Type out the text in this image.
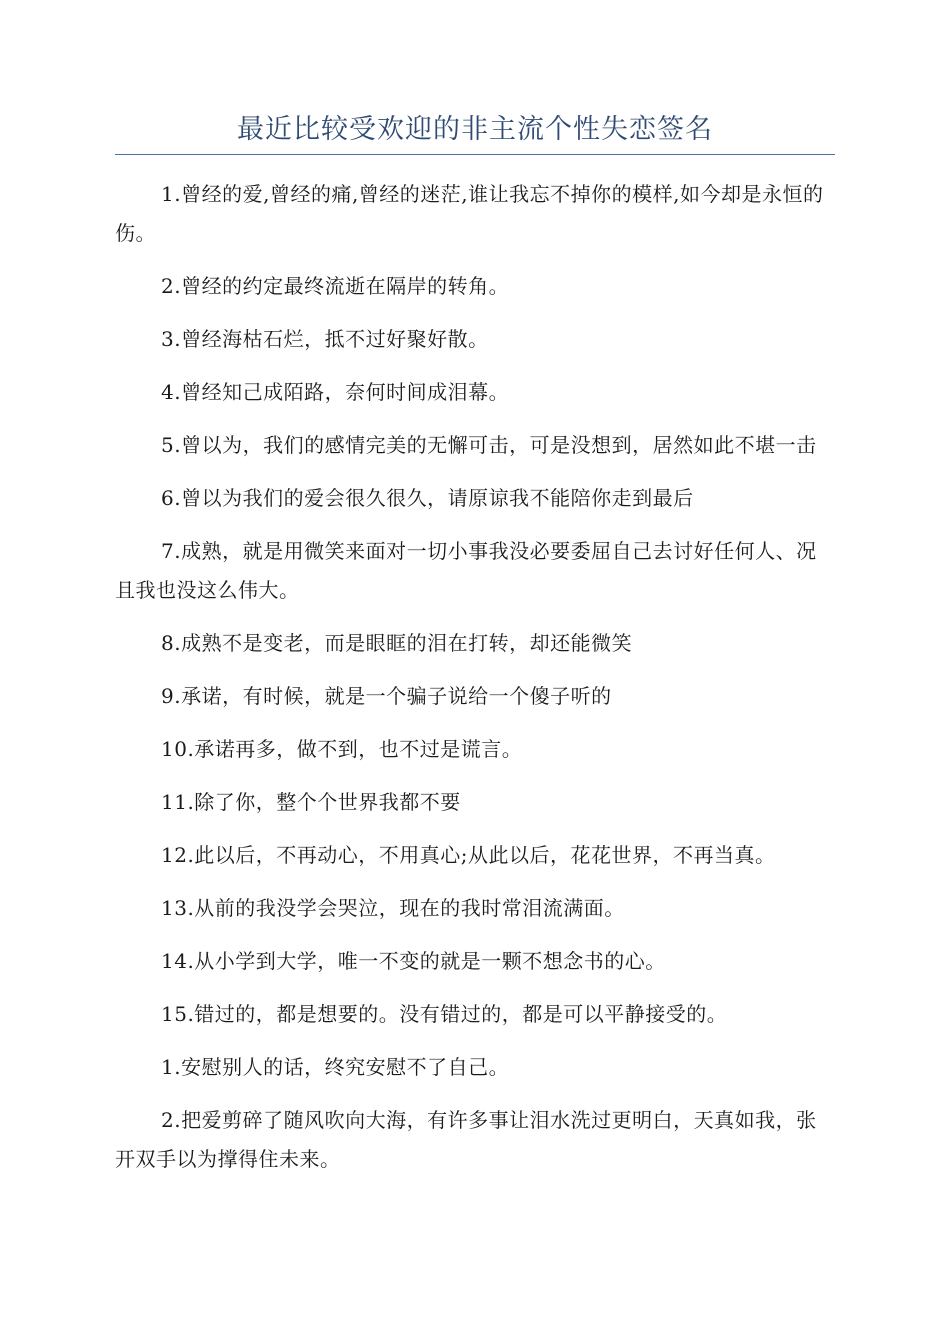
最近比较受欢迎的非主流个性失恋签名

1.曾经的爱,曾经的痛,曾经的迷茫,谁让我忘不掉你的模样,如今却是永恒的伤。

2.曾经的约定最终流逝在隔岸的转角。

3.曾经海枯石烂，抵不过好聚好散。

4.曾经知己成陌路，奈何时间成泪幕。

5.曾以为，我们的感情完美的无懈可击，可是没想到，居然如此不堪一击

6.曾以为我们的爱会很久很久，请原谅我不能陪你走到最后

7.成熟，就是用微笑来面对一切小事我没必要委屈自己去讨好任何人、况且我也没这么伟大。

8.成熟不是变老，而是眼眶的泪在打转，却还能微笑

9.承诺，有时候，就是一个骗子说给一个傻子听的

10.承诺再多，做不到，也不过是谎言。

11.除了你，整个个世界我都不要

12.此以后，不再动心，不用真心;从此以后，花花世界，不再当真。

13.从前的我没学会哭泣，现在的我时常泪流满面。

14.从小学到大学，唯一不变的就是一颗不想念书的心。

15.错过的，都是想要的。没有错过的，都是可以平静接受的。

1.安慰别人的话，终究安慰不了自己。

2.把爱剪碎了随风吹向大海，有许多事让泪水洗过更明白，天真如我，张开双手以为撑得住未来。
